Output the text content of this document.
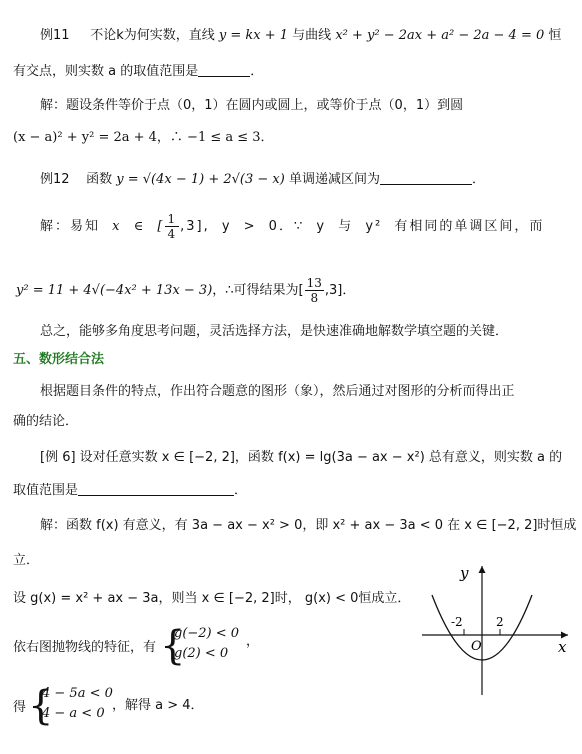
例11 不论k为何实数，直线 y = kx + 1 与曲线 x² + y² − 2ax + a² − 2a − 4 = 0 恒
有交点，则实数 a 的取值范围是	．
解：题设条件等价于点（0，1）在圆内或圆上，或等价于点（0，1）到圆
(x − a)² + y² = 2a + 4，∴ −1 ≤ a ≤ 3．
例12 函数 y = √(4x − 1) + 2√(3 − x) 单调递减区间为	．
解：易知 x ∈ [ $\frac{1}{4} ,3$], y > 0．∵ y 与 y² 有相同的单调区间，而
y² = 11 + 4√(−4x² + 13x − 3)，∴可得结果为[ $\frac{13}{8} ,3$]．
总之，能够多角度思考问题，灵活选择方法，是快速准确地解数学填空题的关键．
五、数形结合法
根据题目条件的特点，作出符合题意的图形（象），然后通过对图形的分析而得出正
确的结论．
[例 6] 设对任意实数 x ∈ [−2, 2]，函数 f(x) = lg(3a − ax − x²) 总有意义，则实数 a 的
取值范围是	．
解：函数 f(x) 有意义，有 3a − ax − x² > 0，即 x² + ax − 3a < 0 在 x ∈ [−2, 2]时恒成
立．
设 g(x) = x² + ax − 3a，则当 x ∈ [−2, 2]时， g(x) < 0恒成立．
依右图抛物线的特征，有 {
g(−2) < 0
g(2) < 0
，
得 {
4 − 5a < 0
4 − a < 0
，解得 a > 4．
y
x
O
-2	2
